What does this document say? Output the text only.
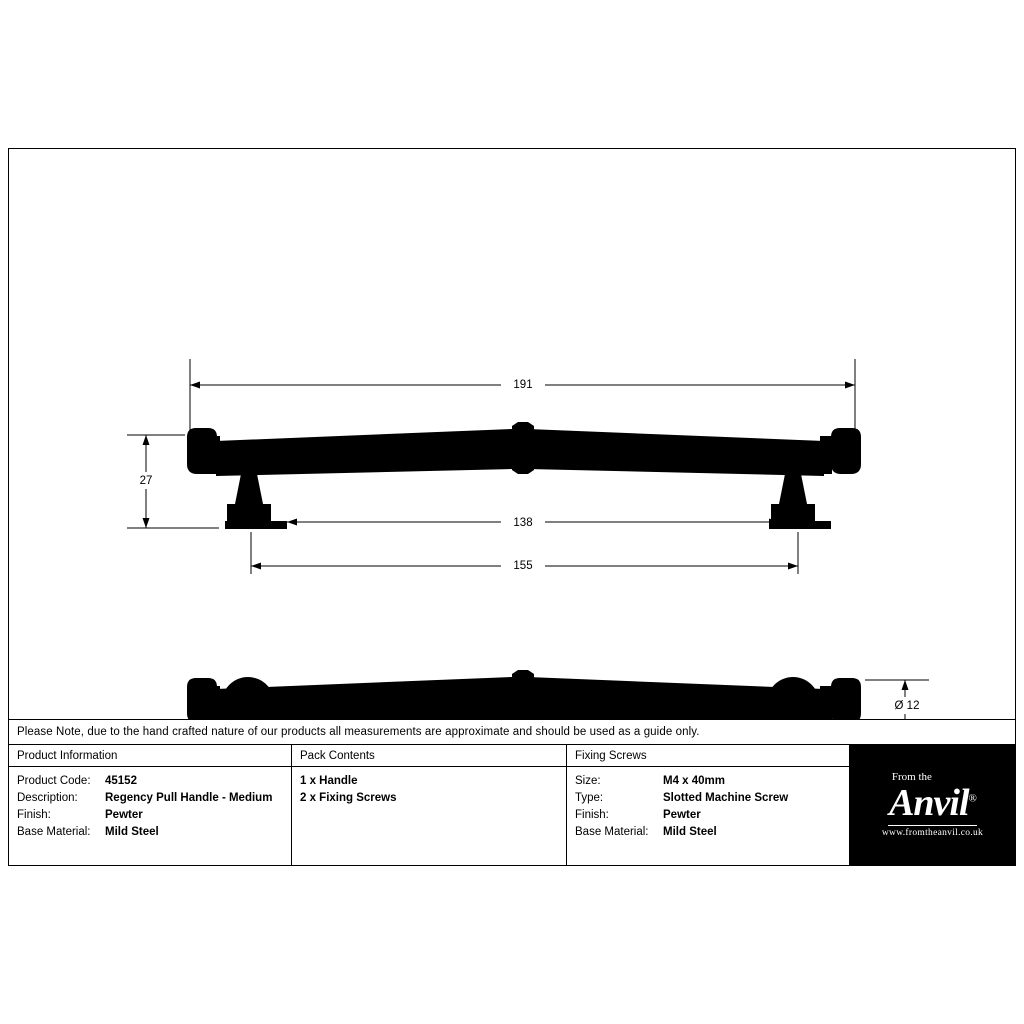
191
27
138
155
Ø 12
Please Note, due to the hand crafted nature of our products all measurements are approximate and should be used as a guide only.
Product Information
Product Code:	45152
Description:	Regency Pull Handle - Medium
Finish:	Pewter
Base Material:	Mild Steel
Pack Contents
1 x Handle
2 x Fixing Screws
Fixing Screws
Size:	M4 x 40mm
Type:	Slotted Machine Screw
Finish:	Pewter
Base Material:	Mild Steel
From the
Anvil®
www.fromtheanvil.co.uk
